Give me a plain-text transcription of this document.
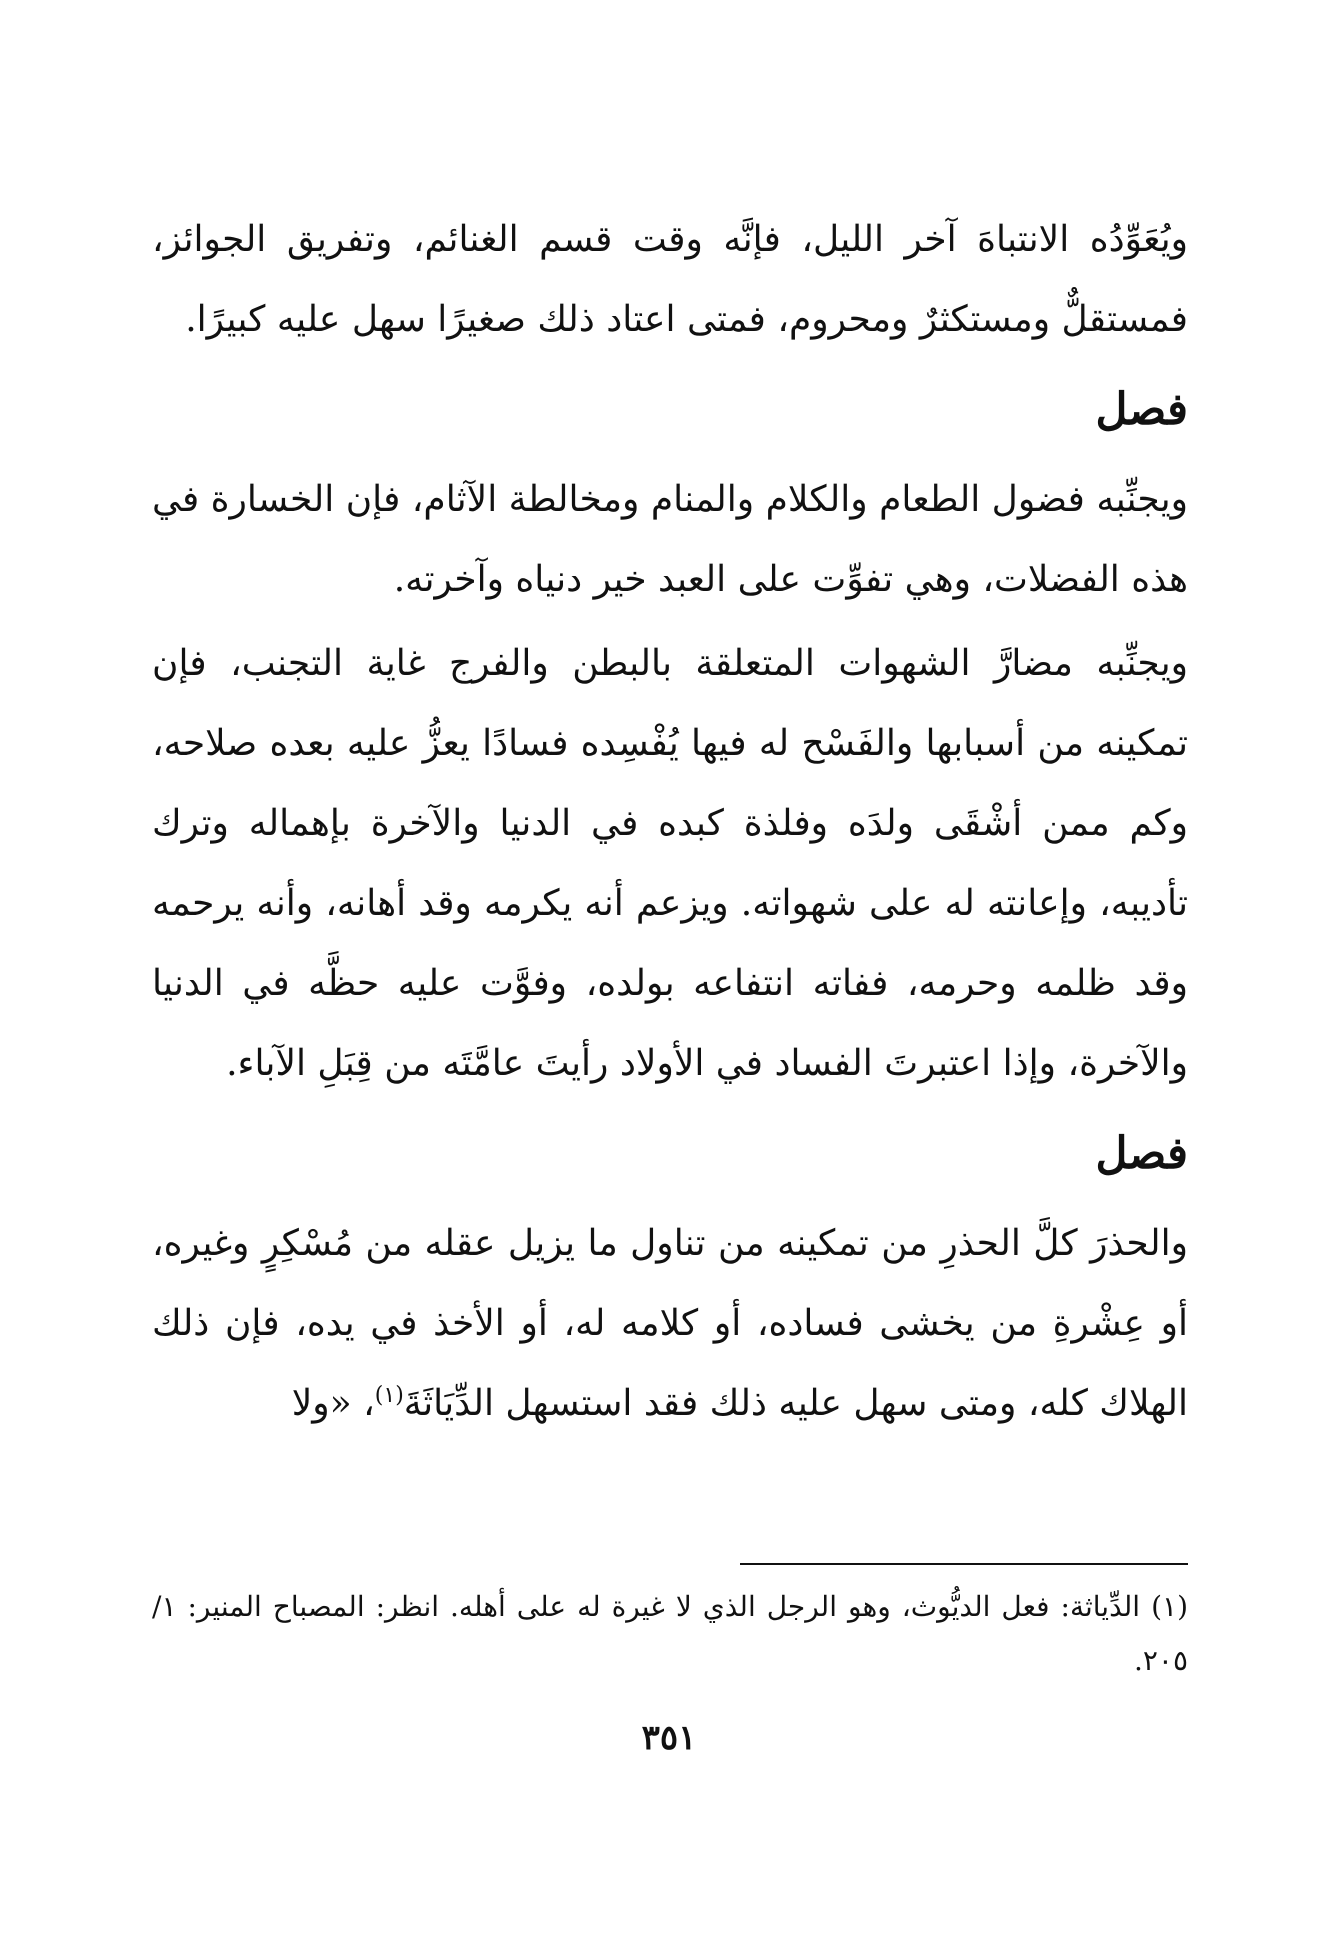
ويُعَوِّدُه الانتباهَ آخر الليل، فإنَّه وقت قسم الغنائم، وتفريق الجوائز، فمستقلٌّ ومستكثرٌ ومحروم، فمتى اعتاد ذلك صغيرًا سهل عليه كبيرًا.

فصل

ويجنِّبه فضول الطعام والكلام والمنام ومخالطة الآثام، فإن الخسارة في هذه الفضلات، وهي تفوِّت على العبد خير دنياه وآخرته.

ويجنِّبه مضارَّ الشهوات المتعلقة بالبطن والفرج غاية التجنب، فإن تمكينه من أسبابها والفَسْح له فيها يُفْسِده فسادًا يعزُّ عليه بعده صلاحه، وكم ممن أشْقَى ولدَه وفلذة كبده في الدنيا والآخرة بإهماله وترك تأديبه، وإعانته له على شهواته. ويزعم أنه يكرمه وقد أهانه، وأنه يرحمه وقد ظلمه وحرمه، ففاته انتفاعه بولده، وفوَّت عليه حظَّه في الدنيا والآخرة، وإذا اعتبرتَ الفساد في الأولاد رأيتَ عامَّتَه من قِبَلِ الآباء.

فصل

والحذرَ كلَّ الحذرِ من تمكينه من تناول ما يزيل عقله من مُسْكِرٍ وغيره، أو عِشْرةِ من يخشى فساده، أو كلامه له، أو الأخذ في يده، فإن ذلك الهلاك كله، ومتى سهل عليه ذلك فقد استسهل الدِّيَاثَةَ$^{(١)}$، «ولا

(١) الدِّياثة: فعل الديُّوث، وهو الرجل الذي لا غيرة له على أهله. انظر: المصباح المنير: ١/ ٢٠٥.
٣٥١
